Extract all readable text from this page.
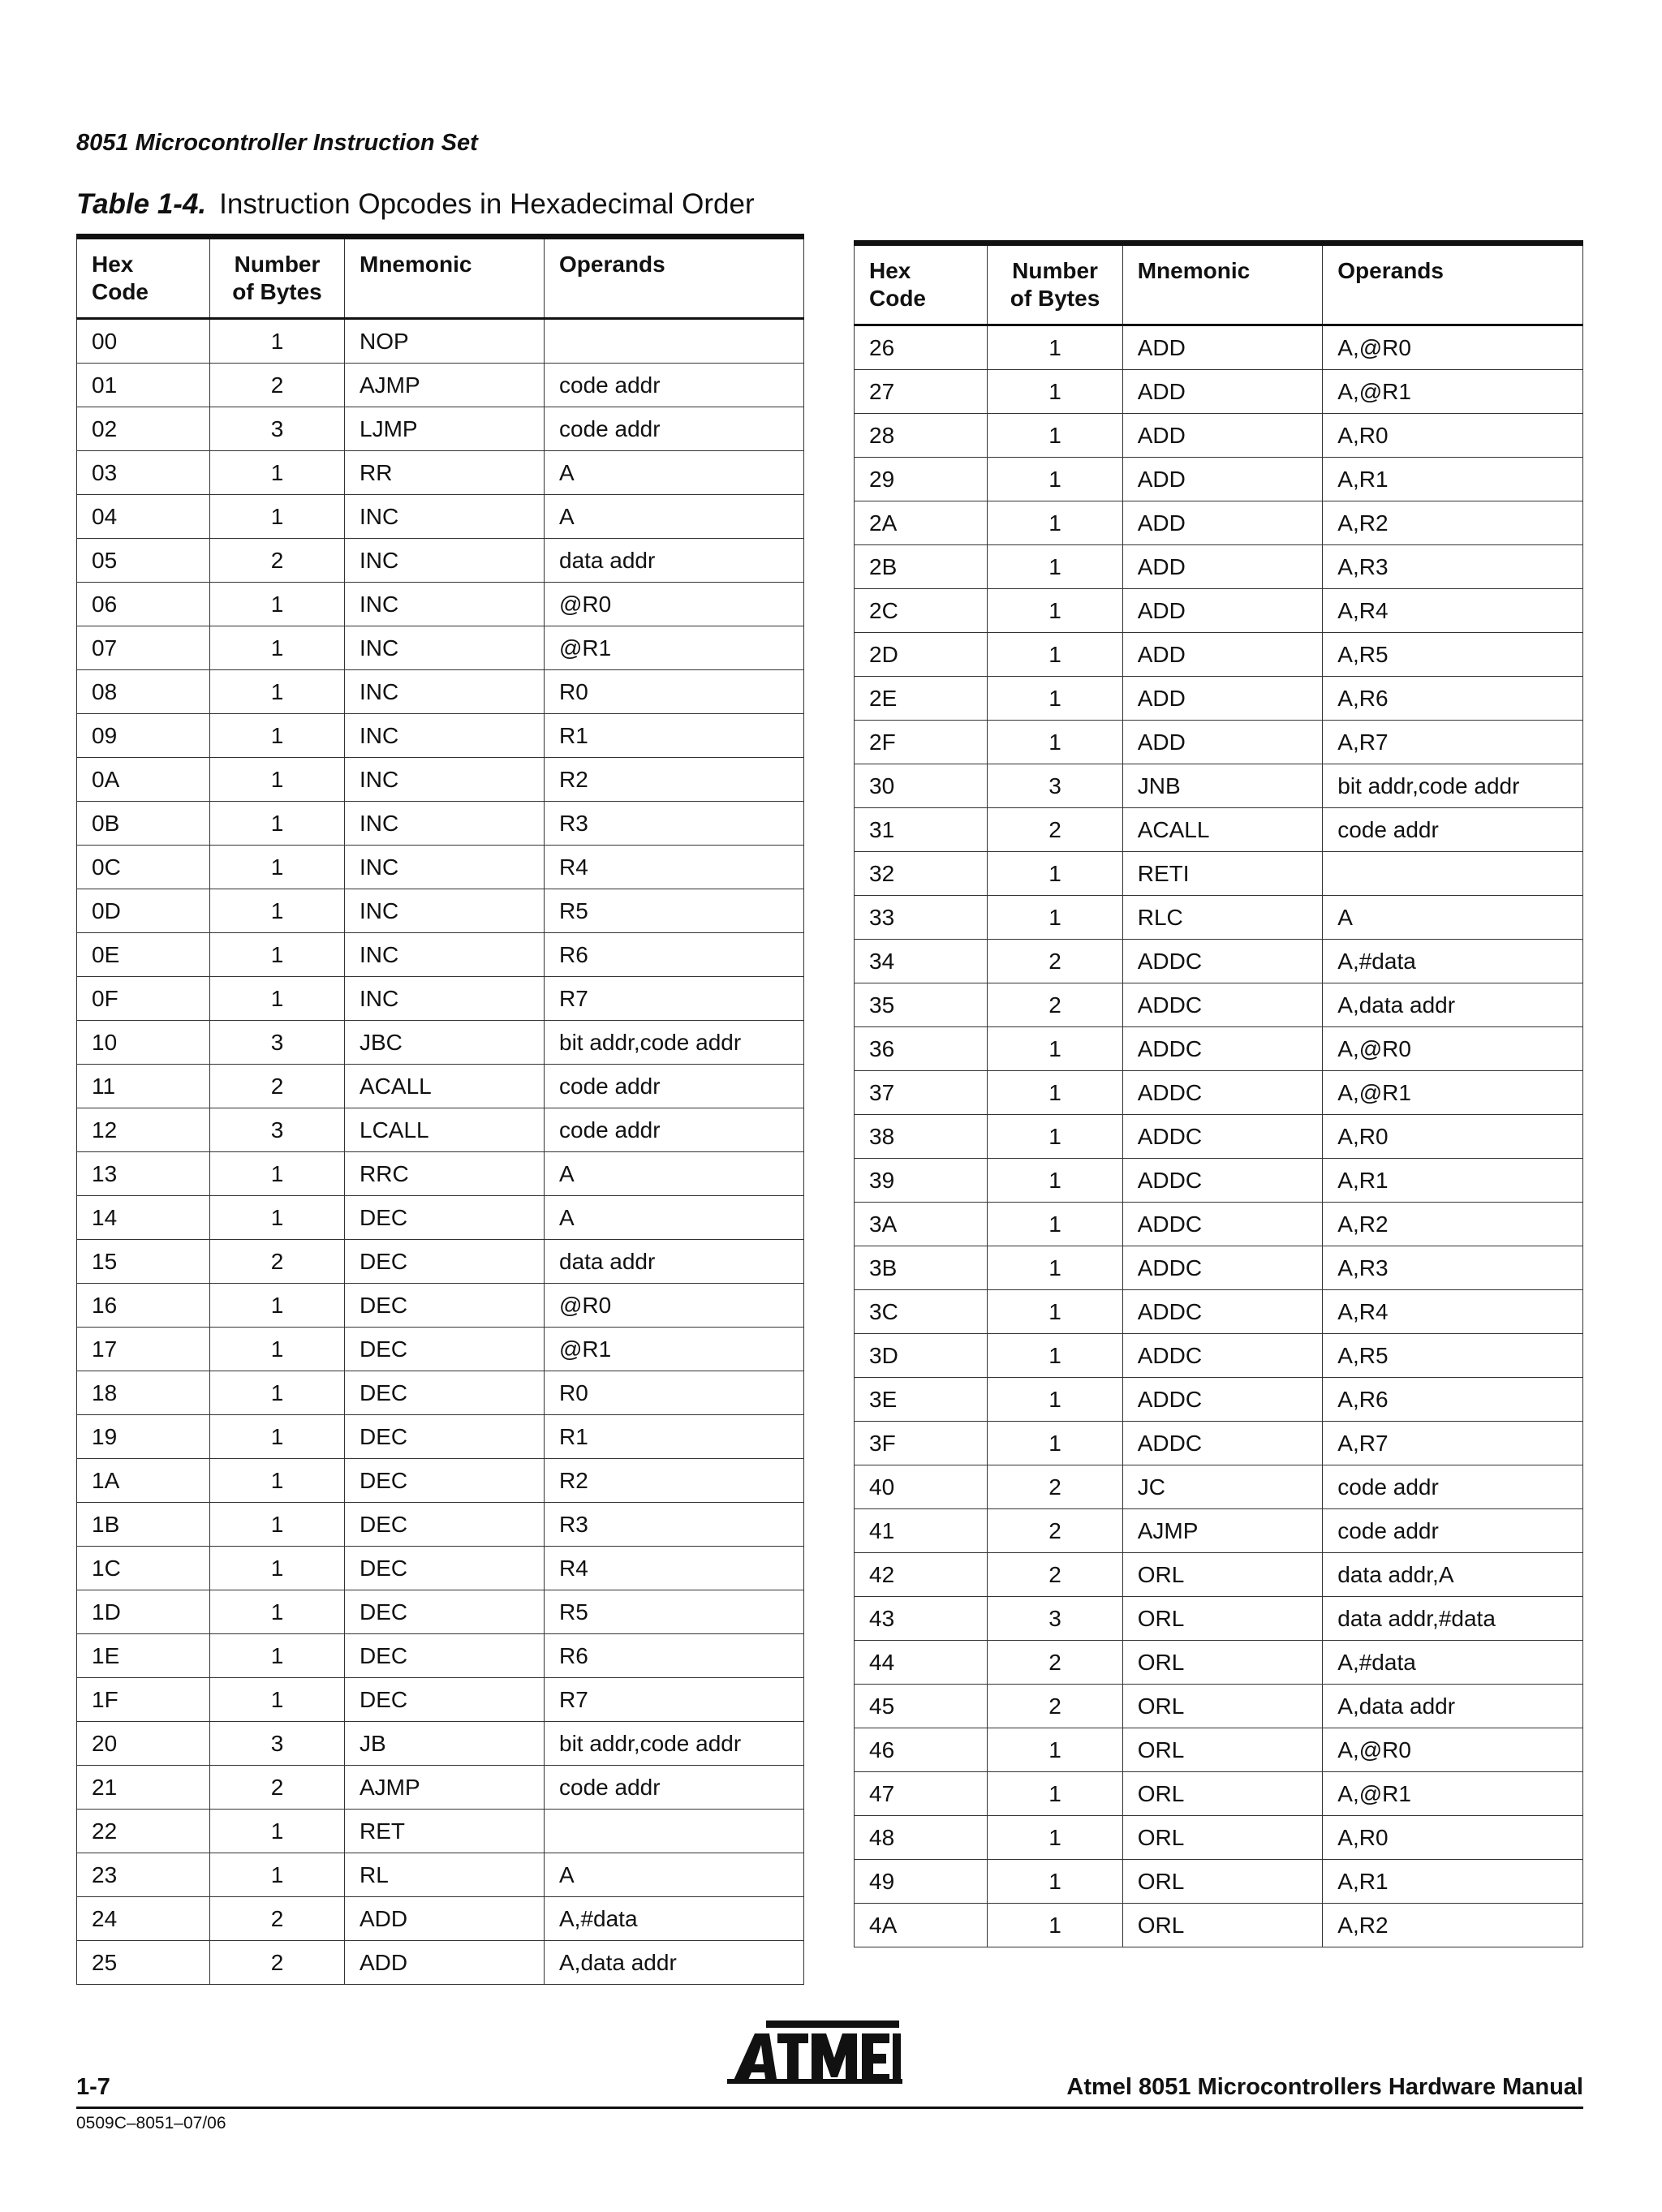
8051 Microcontroller Instruction Set
Table 1-4. Instruction Opcodes in Hexadecimal Order
Hex
Code	Number
of Bytes	Mnemonic	Operands
00	1	NOP	
01	2	AJMP	code addr
02	3	LJMP	code addr
03	1	RR	A
04	1	INC	A
05	2	INC	data addr
06	1	INC	@R0
07	1	INC	@R1
08	1	INC	R0
09	1	INC	R1
0A	1	INC	R2
0B	1	INC	R3
0C	1	INC	R4
0D	1	INC	R5
0E	1	INC	R6
0F	1	INC	R7
10	3	JBC	bit addr,code addr
11	2	ACALL	code addr
12	3	LCALL	code addr
13	1	RRC	A
14	1	DEC	A
15	2	DEC	data addr
16	1	DEC	@R0
17	1	DEC	@R1
18	1	DEC	R0
19	1	DEC	R1
1A	1	DEC	R2
1B	1	DEC	R3
1C	1	DEC	R4
1D	1	DEC	R5
1E	1	DEC	R6
1F	1	DEC	R7
20	3	JB	bit addr,code addr
21	2	AJMP	code addr
22	1	RET	
23	1	RL	A
24	2	ADD	A,#data
25	2	ADD	A,data addr
Hex
Code	Number
of Bytes	Mnemonic	Operands
26	1	ADD	A,@R0
27	1	ADD	A,@R1
28	1	ADD	A,R0
29	1	ADD	A,R1
2A	1	ADD	A,R2
2B	1	ADD	A,R3
2C	1	ADD	A,R4
2D	1	ADD	A,R5
2E	1	ADD	A,R6
2F	1	ADD	A,R7
30	3	JNB	bit addr,code addr
31	2	ACALL	code addr
32	1	RETI	
33	1	RLC	A
34	2	ADDC	A,#data
35	2	ADDC	A,data addr
36	1	ADDC	A,@R0
37	1	ADDC	A,@R1
38	1	ADDC	A,R0
39	1	ADDC	A,R1
3A	1	ADDC	A,R2
3B	1	ADDC	A,R3
3C	1	ADDC	A,R4
3D	1	ADDC	A,R5
3E	1	ADDC	A,R6
3F	1	ADDC	A,R7
40	2	JC	code addr
41	2	AJMP	code addr
42	2	ORL	data addr,A
43	3	ORL	data addr,#data
44	2	ORL	A,#data
45	2	ORL	A,data addr
46	1	ORL	A,@R0
47	1	ORL	A,@R1
48	1	ORL	A,R0
49	1	ORL	A,R1
4A	1	ORL	A,R2
1-7	Atmel 8051 Microcontrollers Hardware Manual
0509C–8051–07/06
